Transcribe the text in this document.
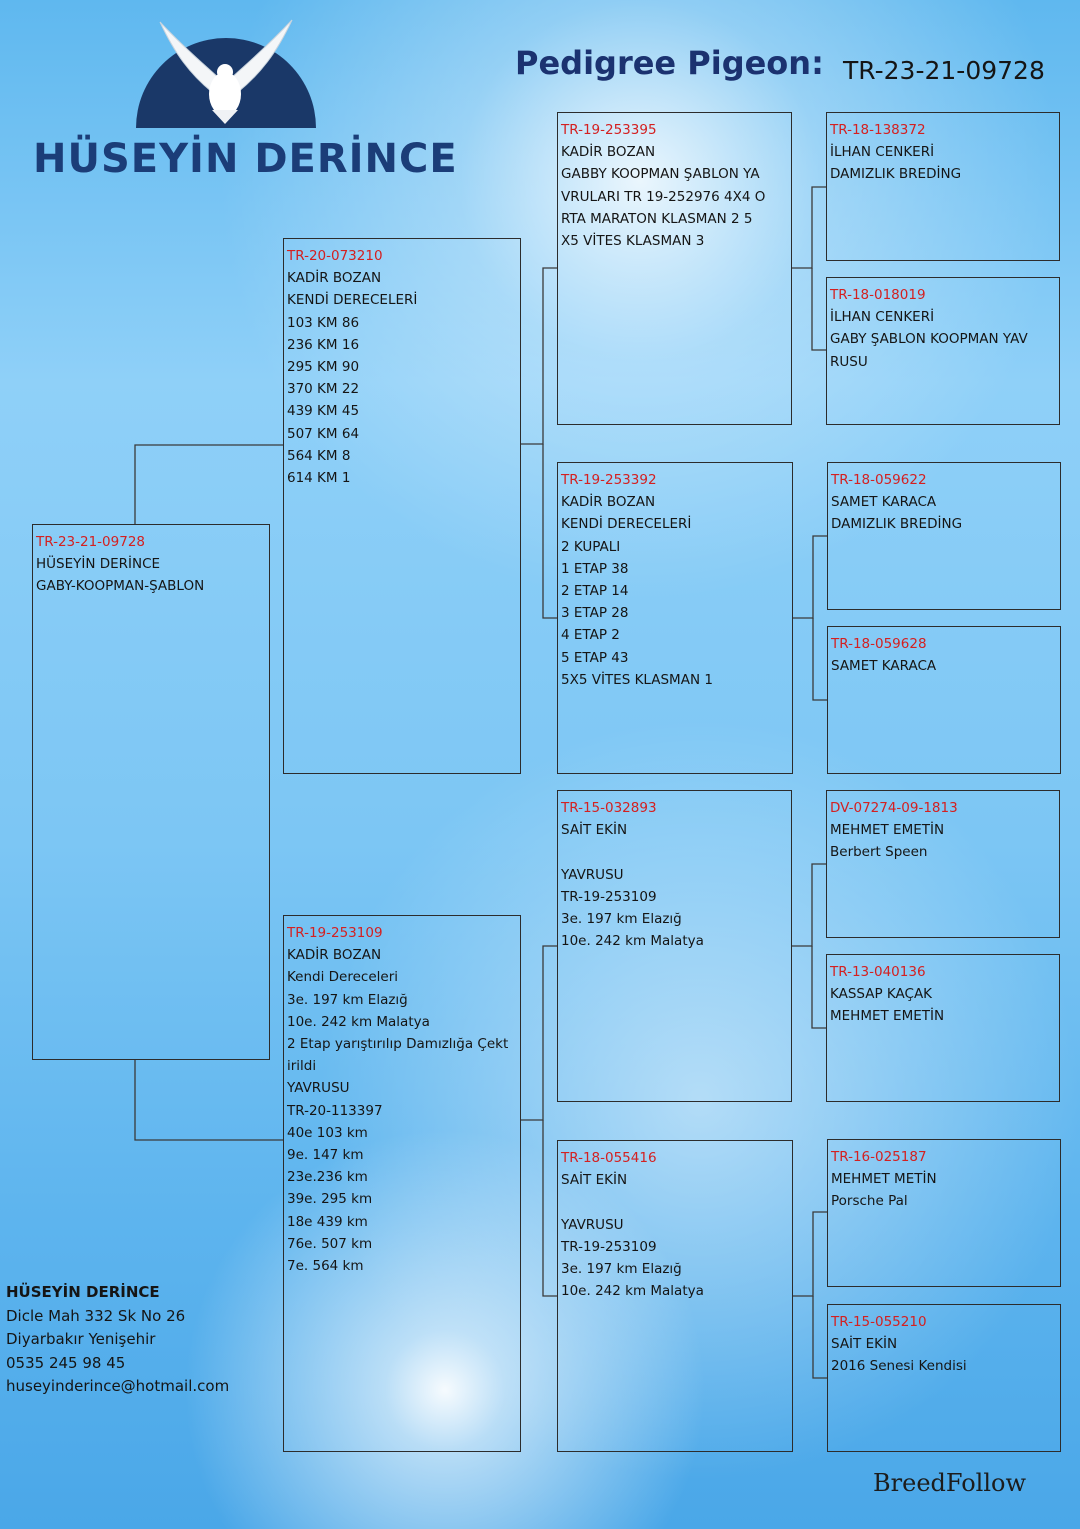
HÜSEYİN DERİNCE
Pedigree Pigeon: TR-23-21-09728
TR-23-21-09728
HÜSEYİN DERİNCE
GABY-KOOPMAN-ŞABLON
TR-20-073210
KADİR BOZAN
KENDİ DERECELERİ
103 KM 86
236 KM 16
295 KM 90
370 KM 22
439 KM 45
507 KM 64
564 KM 8
614 KM 1
TR-19-253109
KADİR BOZAN
Kendi Dereceleri
3e. 197 km Elazığ
10e. 242 km Malatya
2 Etap yarıştırılıp Damızlığa Çekt
irildi
YAVRUSU
TR-20-113397
40e 103 km
9e. 147 km
23e.236 km
39e. 295 km
18e 439 km
76e. 507 km
7e. 564 km
TR-19-253395
KADİR BOZAN
GABBY KOOPMAN ŞABLON YA
VRULARI TR 19-252976 4X4 O
RTA MARATON KLASMAN 2 5
X5 VİTES KLASMAN 3
TR-19-253392
KADİR BOZAN
KENDİ DERECELERİ
2 KUPALI
1 ETAP 38
2 ETAP 14
3 ETAP 28
4 ETAP 2
5 ETAP 43
5X5 VİTES KLASMAN 1
TR-15-032893
SAİT EKİN
YAVRUSU
TR-19-253109
3e. 197 km Elazığ
10e. 242 km Malatya
TR-18-055416
SAİT EKİN
YAVRUSU
TR-19-253109
3e. 197 km Elazığ
10e. 242 km Malatya
TR-18-138372
İLHAN CENKERİ
DAMIZLIK BREDİNG
TR-18-018019
İLHAN CENKERİ
GABY ŞABLON KOOPMAN YAV
RUSU
TR-18-059622
SAMET KARACA
DAMIZLIK BREDİNG
TR-18-059628
SAMET KARACA
DV-07274-09-1813
MEHMET EMETİN
Berbert Speen
TR-13-040136
KASSAP KAÇAK
MEHMET EMETİN
TR-16-025187
MEHMET METİN
Porsche Pal
TR-15-055210
SAİT EKİN
2016 Senesi Kendisi
HÜSEYİN DERİNCE
Dicle Mah 332 Sk No 26
Diyarbakır Yenişehir
0535 245 98 45
huseyinderince@hotmail.com
BreedFollow
